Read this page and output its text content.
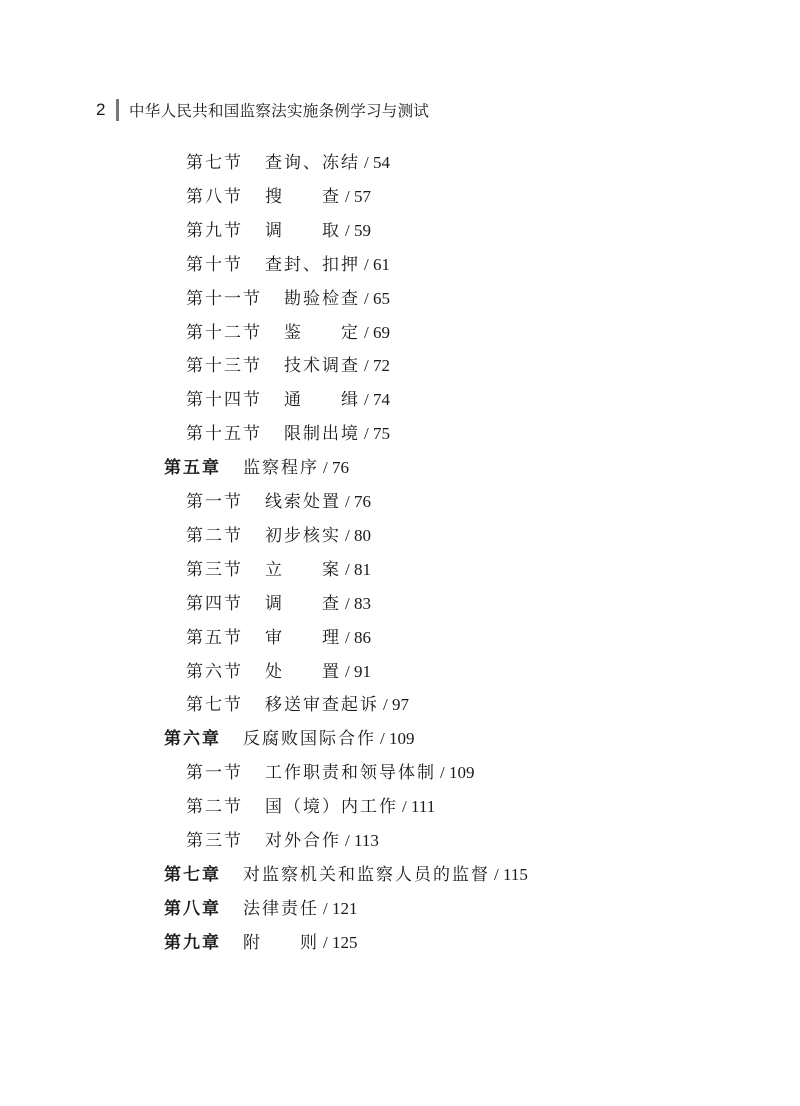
2	中华人民共和国监察法实施条例学习与测试
第七节 查询、冻结 / 54
第八节 搜　　查 / 57
第九节 调　　取 / 59
第十节 查封、扣押 / 61
第十一节 勘验检查 / 65
第十二节 鉴　　定 / 69
第十三节 技术调查 / 72
第十四节 通　　缉 / 74
第十五节 限制出境 / 75
第五章 监察程序 / 76
第一节 线索处置 / 76
第二节 初步核实 / 80
第三节 立　　案 / 81
第四节 调　　查 / 83
第五节 审　　理 / 86
第六节 处　　置 / 91
第七节 移送审查起诉 / 97
第六章 反腐败国际合作 / 109
第一节 工作职责和领导体制 / 109
第二节 国（境）内工作 / 111
第三节 对外合作 / 113
第七章 对监察机关和监察人员的监督 / 115
第八章 法律责任 / 121
第九章 附　　则 / 125
